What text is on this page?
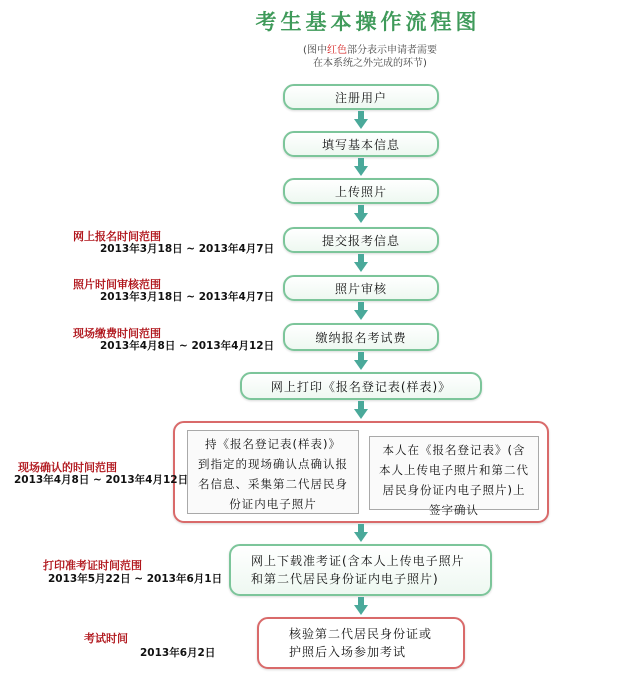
考生基本操作流程图
(图中红色部分表示申请者需要
在本系统之外完成的环节)
注册用户
填写基本信息
上传照片
提交报考信息
照片审核
缴纳报名考试费
网上打印《报名登记表(样表)》
持《报名登记表(样表)》
到指定的现场确认点确认报
名信息、采集第二代居民身
份证内电子照片
本人在《报名登记表》(含
本人上传电子照片和第二代
居民身份证内电子照片)上
签字确认
网上下载准考证(含本人上传电子照片
和第二代居民身份证内电子照片)
核验第二代居民身份证或
护照后入场参加考试
网上报名时间范围
2013年3月18日 ~ 2013年4月7日
照片时间审核范围
2013年3月18日 ~ 2013年4月7日
现场缴费时间范围
2013年4月8日 ~ 2013年4月12日
现场确认的时间范围
2013年4月8日 ~ 2013年4月12日
打印准考证时间范围
2013年5月22日 ~ 2013年6月1日
考试时间
2013年6月2日
